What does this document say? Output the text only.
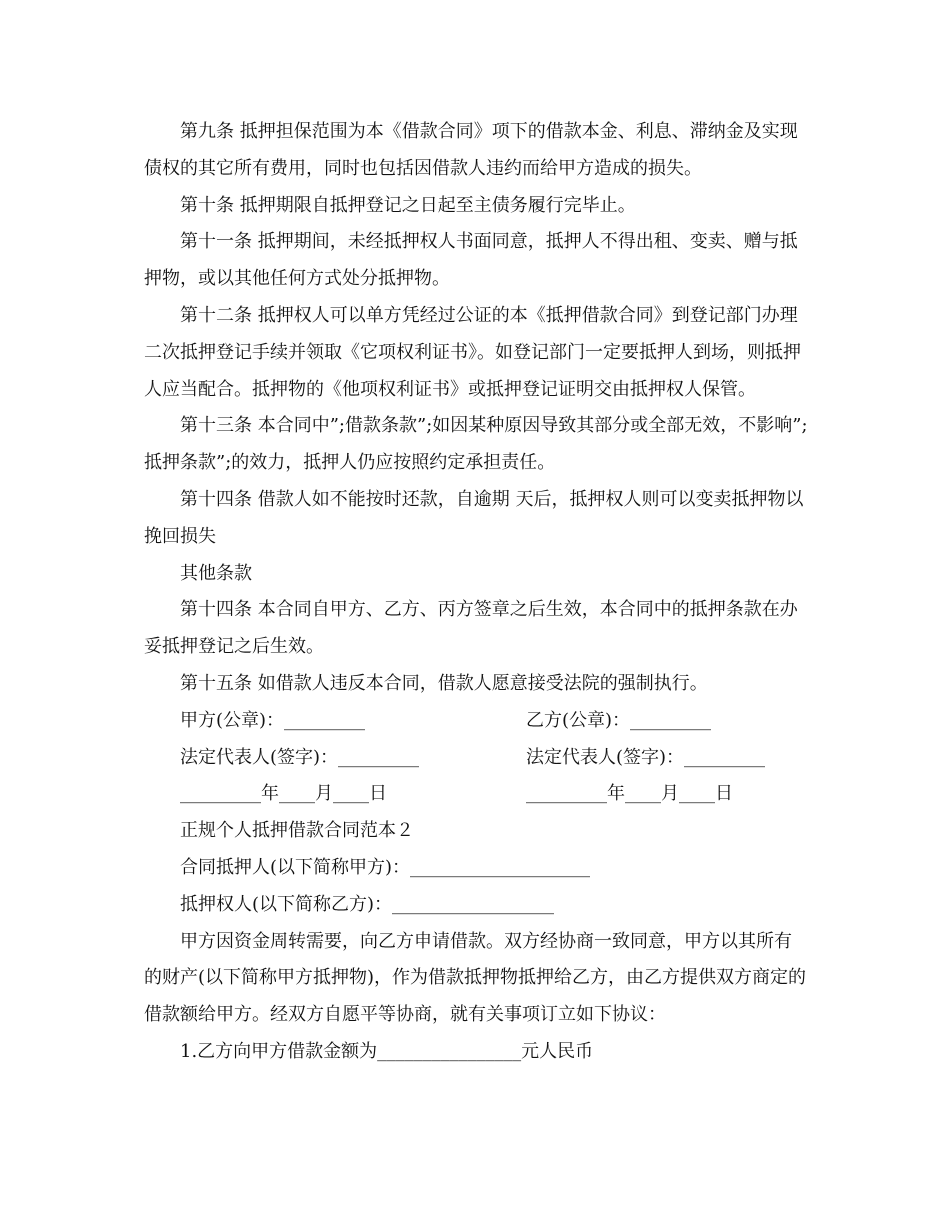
第九条 抵押担保范围为本《借款合同》项下的借款本金、利息、滞纳金及实现债权的其它所有费用，同时也包括因借款人违约而给甲方造成的损失。

第十条 抵押期限自抵押登记之日起至主债务履行完毕止。

第十一条 抵押期间，未经抵押权人书面同意，抵押人不得出租、变卖、赠与抵押物，或以其他任何方式处分抵押物。

第十二条 抵押权人可以单方凭经过公证的本《抵押借款合同》到登记部门办理二次抵押登记手续并领取《它项权利证书》。如登记部门一定要抵押人到场，则抵押人应当配合。抵押物的《他项权利证书》或抵押登记证明交由抵押权人保管。

第十三条 本合同中”;借款条款”;如因某种原因导致其部分或全部无效，不影响”;抵押条款”;的效力，抵押人仍应按照约定承担责任。

第十四条 借款人如不能按时还款，自逾期 天后，抵押权人则可以变卖抵押物以挽回损失

其他条款

第十四条 本合同自甲方、乙方、丙方签章之后生效，本合同中的抵押条款在办妥抵押登记之后生效。

第十五条 如借款人违反本合同，借款人愿意接受法院的强制执行。

甲方(公章)：_________	乙方(公章)：_________
法定代表人(签字)：_________	法定代表人(签字)：_________
_________年____月____日	_________年____月____日

正规个人抵押借款合同范本２

合同抵押人(以下简称甲方)：____________________

抵押权人(以下简称乙方)：__________________

甲方因资金周转需要，向乙方申请借款。双方经协商一致同意，甲方以其所有的财产(以下简称甲方抵押物)，作为借款抵押物抵押给乙方，由乙方提供双方商定的借款额给甲方。经双方自愿平等协商，就有关事项订立如下协议：

1.乙方向甲方借款金额为________________元人民币
